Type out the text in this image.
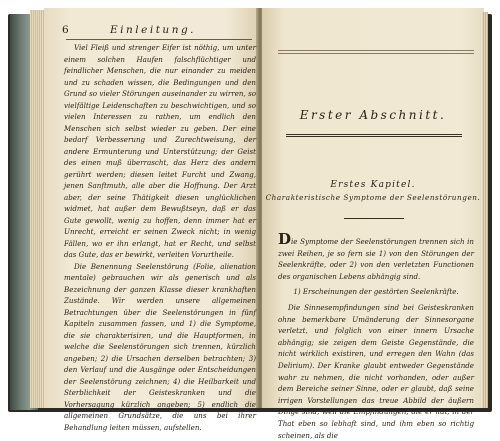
6	Einleitung.

Viel Fleiß und strenger Eifer ist nöthig, um unter einem solchen Haufen falschflüchtiger und feindlicher Menschen, die nur einander zu meiden und zu schaden wissen, die Bedingungen und den Grund so vieler Störungen auseinander zu wirren, so vielfältige Leidenschaften zu beschwichtigen, und so vielen Interessen zu rathen, um endlich den Menschen sich selbst wieder zu geben. Der eine bedarf Verbesserung und Zurechtweisung, der andere Ermunterung und Unterstützung; der Geist des einen muß überrascht, das Herz des andern gerührt werden; diesen leitet Furcht und Zwang, jenen Sanftmuth, alle aber die Hoffnung. Der Arzt aber, der seine Thätigkeit diesen unglücklichen widmet, hat außer dem Bewußtseyn, daß er das Gute gewollt, wenig zu hoffen, denn immer hat er Unrecht, erreicht er seinen Zweck nicht; in wenig Fällen, wo er ihn erlangt, hat er Recht, und selbst das Gute, das er bewirkt, verleiten Vorurtheile.

Die Benennung Seelenstörung (Folie, alienation mentale) gebrauchen wir als generisch und als Bezeichnung der ganzen Klasse dieser krankhaften Zustände. Wir werden unsere allgemeinen Betrachtungen über die Seelenstörungen in fünf Kapiteln zusammen fassen, und 1) die Symptome, die sie charakterisiren, und die Hauptformen, in welche die Seelenstörungen sich trennen, kürzlich angeben; 2) die Ursachen derselben betrachten; 3) den Verlauf und die Ausgänge oder Entscheidungen der Seelenstörung zeichnen; 4) die Heilbarkeit und Sterblichkeit der Geisteskranken und die Vorhersagung kürzlich angeben; 5) endlich die allgemeinen Grundsätze, die uns bei ihrer Behandlung leiten müssen, aufstellen.

Erster Abschnitt.
Erstes Kapitel.
Charakteristische Symptome der Seelenstörungen.

Die Symptome der Seelenstörungen trennen sich in zwei Reihen, je so fern sie 1) von den Störungen der Seelenkräfte, oder 2) von den verletzten Functionen des organischen Lebens abhängig sind.

1) Erscheinungen der gestörten Seelenkräfte.

Die Sinnesempfindungen sind bei Geisteskranken ohne bemerkbare Umänderung der Sinnesorgane verletzt, und folglich von einer innern Ursache abhängig; sie zeigen dem Geiste Gegenstände, die nicht wirklich existiren, und erregen den Wahn (das Delirium). Der Kranke glaubt entweder Gegenstände wahr zu nehmen, die nicht vorhanden, oder außer dem Bereiche seiner Sinne, oder er glaubt, daß seine irrigen Vorstellungen das treue Abbild der äußern Dinge sind, weil die Empfindungen, die er hat, in der That eben so lebhaft sind, und ihm eben so richtig scheinen, als die
